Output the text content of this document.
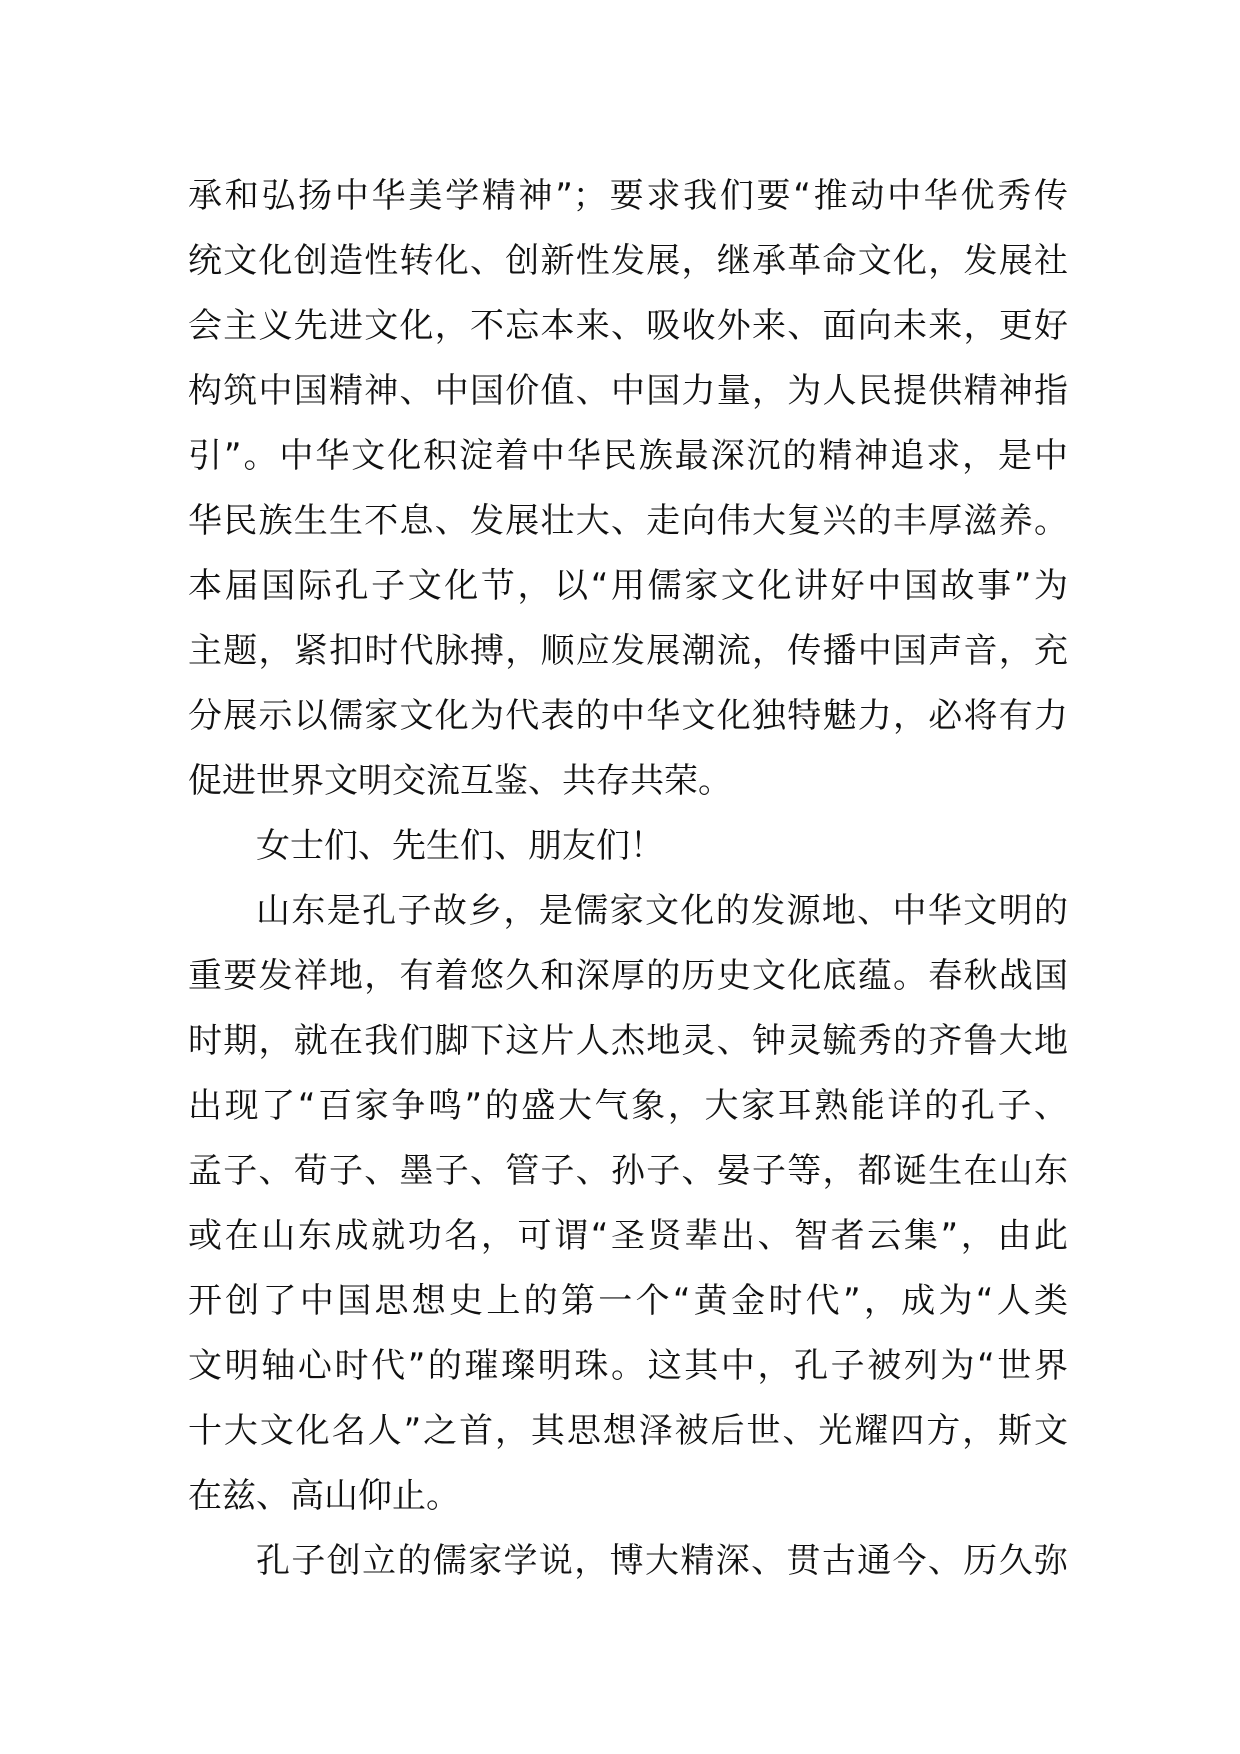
承和弘扬中华美学精神”；要求我们要“推动中华优秀传
统文化创造性转化、创新性发展，继承革命文化，发展社
会主义先进文化，不忘本来、吸收外来、面向未来，更好
构筑中国精神、中国价值、中国力量，为人民提供精神指
引”。中华文化积淀着中华民族最深沉的精神追求，是中
华民族生生不息、发展壮大、走向伟大复兴的丰厚滋养。
本届国际孔子文化节，以“用儒家文化讲好中国故事”为
主题，紧扣时代脉搏，顺应发展潮流，传播中国声音，充
分展示以儒家文化为代表的中华文化独特魅力，必将有力
促进世界文明交流互鉴、共存共荣。
女士们、先生们、朋友们！
山东是孔子故乡，是儒家文化的发源地、中华文明的
重要发祥地，有着悠久和深厚的历史文化底蕴。春秋战国
时期，就在我们脚下这片人杰地灵、钟灵毓秀的齐鲁大地
出现了“百家争鸣”的盛大气象，大家耳熟能详的孔子、
孟子、荀子、墨子、管子、孙子、晏子等，都诞生在山东
或在山东成就功名，可谓“圣贤辈出、智者云集”，由此
开创了中国思想史上的第一个“黄金时代”，成为“人类
文明轴心时代”的璀璨明珠。这其中，孔子被列为“世界
十大文化名人”之首，其思想泽被后世、光耀四方，斯文
在兹、高山仰止。
孔子创立的儒家学说，博大精深、贯古通今、历久弥
